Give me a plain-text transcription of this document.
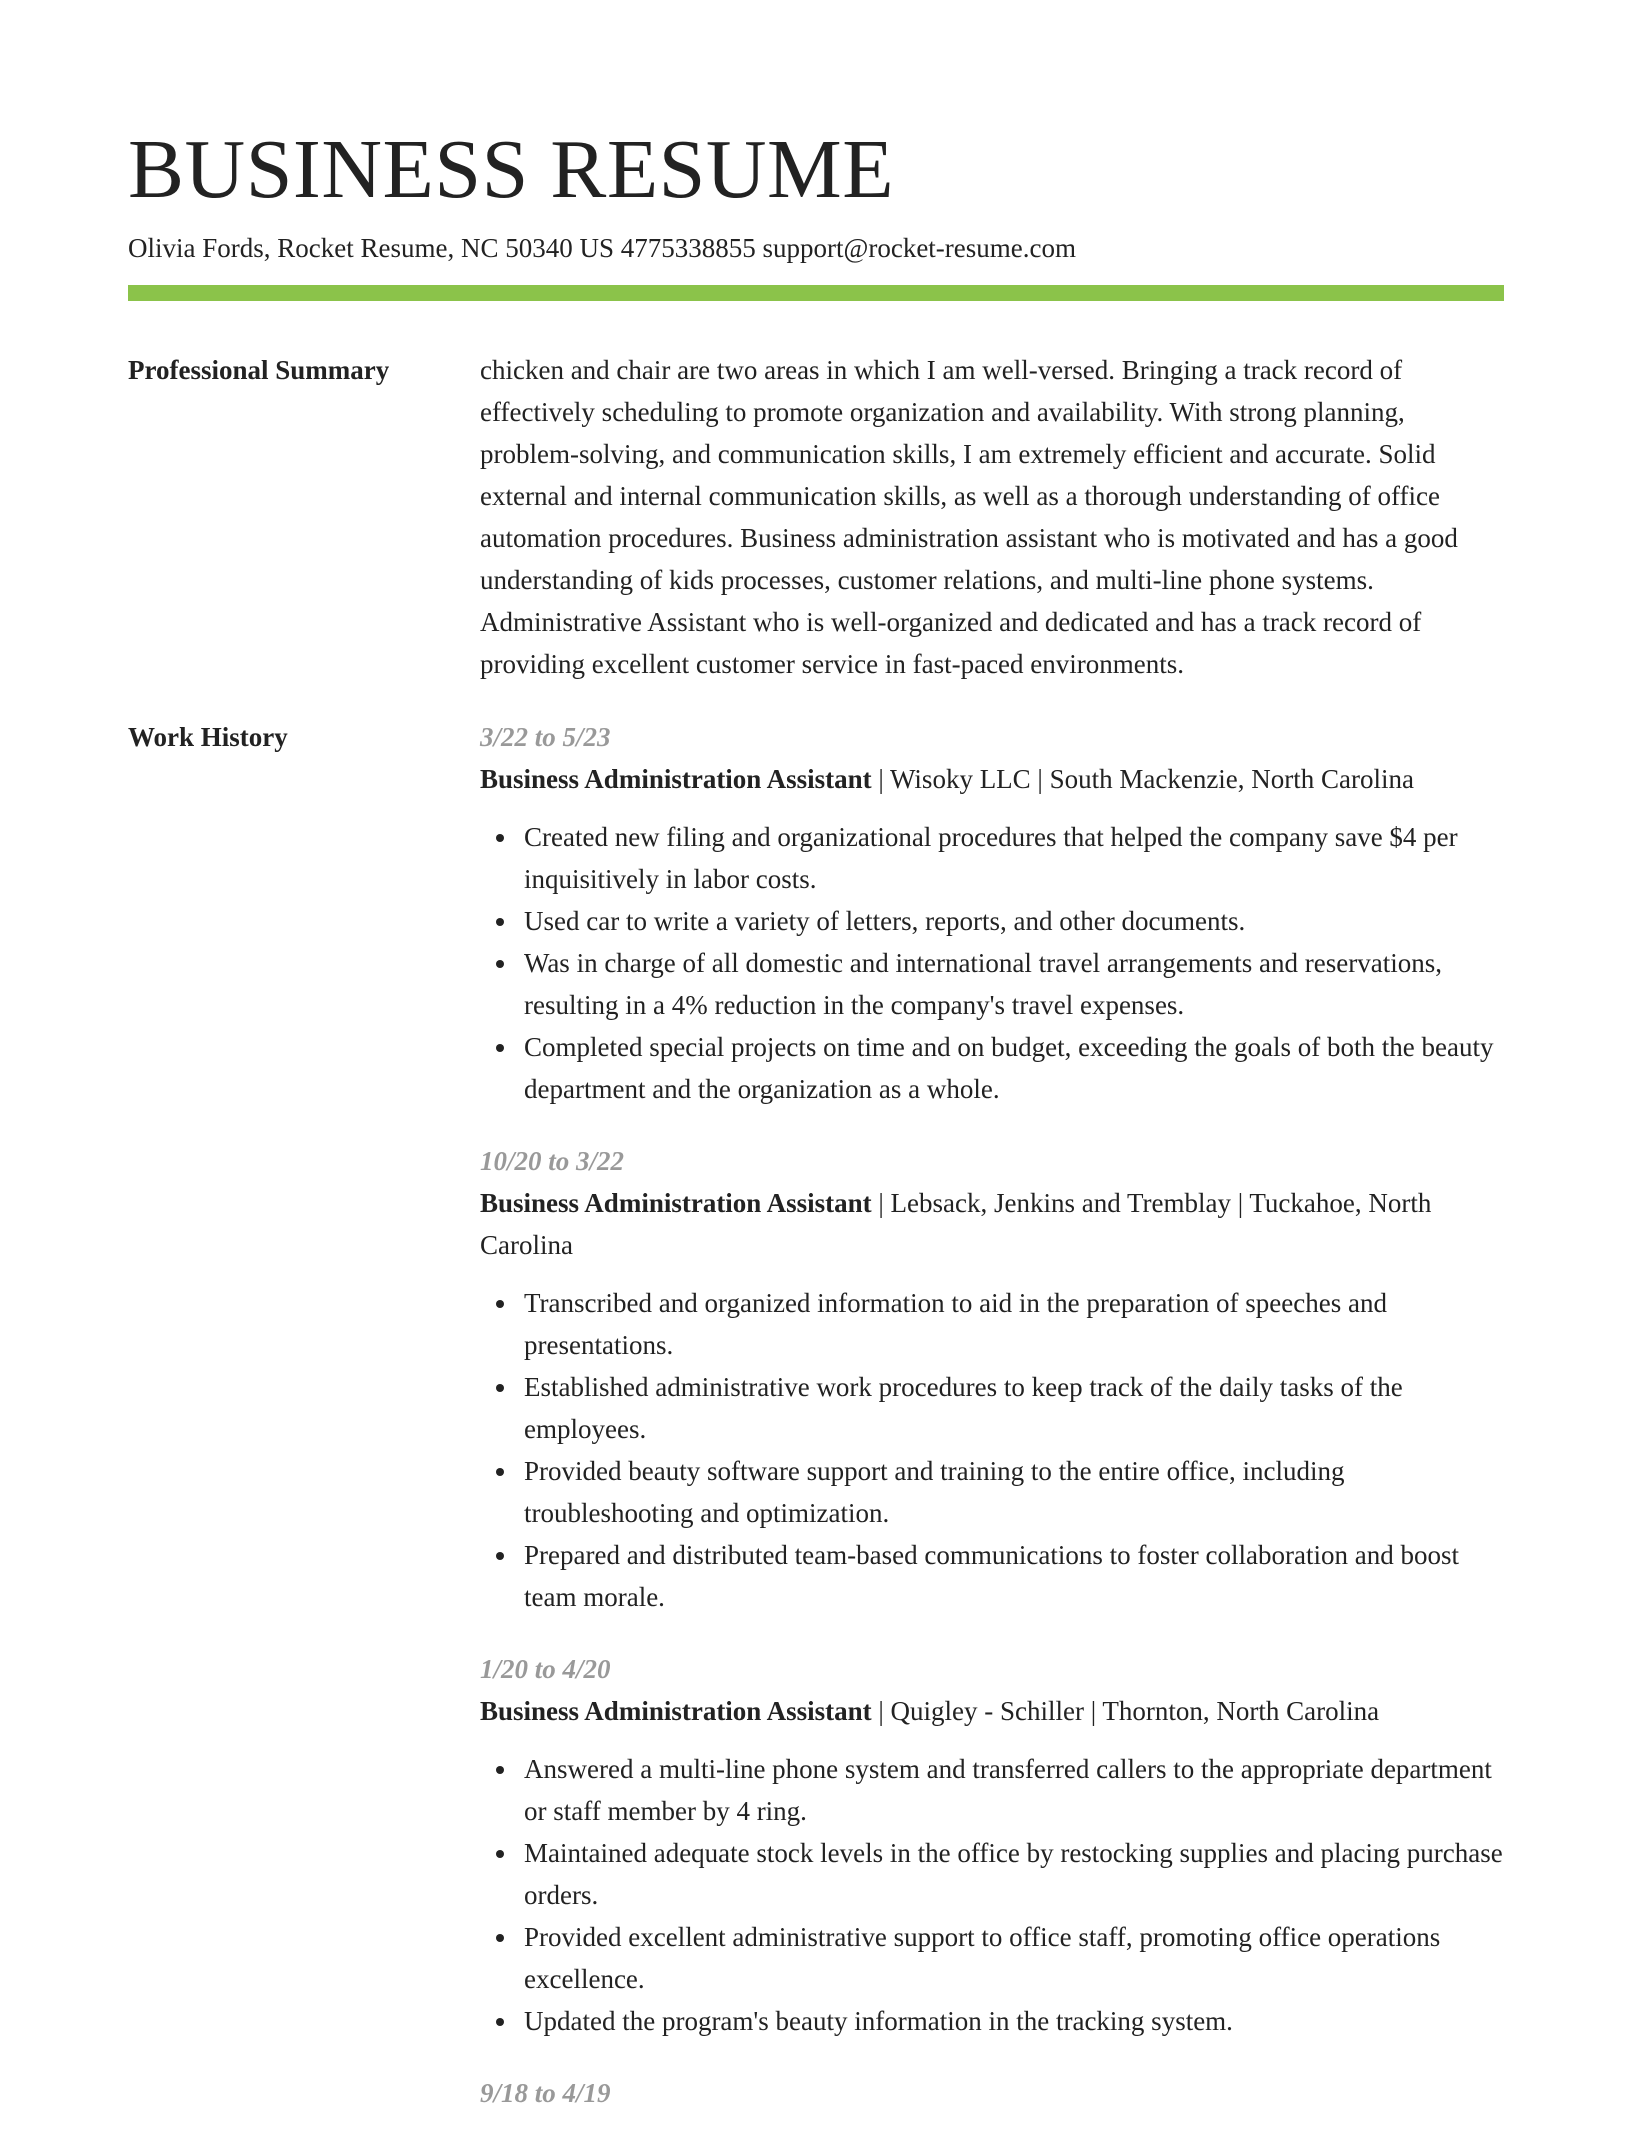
BUSINESS RESUME
Olivia Fords, Rocket Resume, NC 50340 US 4775338855 support@rocket-resume.com
Professional Summary	chicken and chair are two areas in which I am well-versed. Bringing a track record of effectively scheduling to promote organization and availability. With strong planning, problem-solving, and communication skills, I am extremely efficient and accurate. Solid external and internal communication skills, as well as a thorough understanding of office automation procedures. Business administration assistant who is motivated and has a good understanding of kids processes, customer relations, and multi-line phone systems. Administrative Assistant who is well-organized and dedicated and has a track record of providing excellent customer service in fast-paced environments.

Work History	3/22 to 5/23
Business Administration Assistant | Wisoky LLC | South Mackenzie, North Carolina
Created new filing and organizational procedures that helped the company save $4 per inquisitively in labor costs.
Used car to write a variety of letters, reports, and other documents.
Was in charge of all domestic and international travel arrangements and reservations, resulting in a 4% reduction in the company's travel expenses.
Completed special projects on time and on budget, exceeding the goals of both the beauty department and the organization as a whole.
10/20 to 3/22
Business Administration Assistant | Lebsack, Jenkins and Tremblay | Tuckahoe, North Carolina
Transcribed and organized information to aid in the preparation of speeches and presentations.
Established administrative work procedures to keep track of the daily tasks of the employees.
Provided beauty software support and training to the entire office, including troubleshooting and optimization.
Prepared and distributed team-based communications to foster collaboration and boost team morale.
1/20 to 4/20
Business Administration Assistant | Quigley - Schiller | Thornton, North Carolina
Answered a multi-line phone system and transferred callers to the appropriate department or staff member by 4 ring.
Maintained adequate stock levels in the office by restocking supplies and placing purchase orders.
Provided excellent administrative support to office staff, promoting office operations excellence.
Updated the program's beauty information in the tracking system.
9/18 to 4/19
